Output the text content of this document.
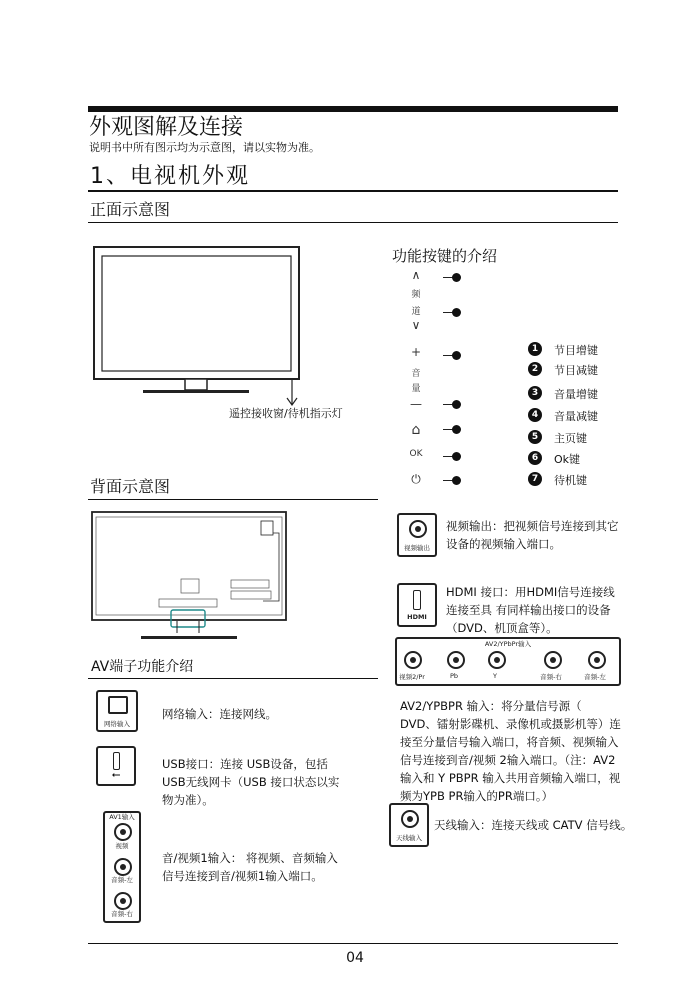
外观图解及连接
说明书中所有图示均为示意图，请以实物为准。
1、电视机外观
正面示意图
遥控接收窗/待机指示灯
功能按键的介绍
∧
频
道
∨
+
音
量
—
⌂
OK
⏻
1	节目增键
2	节目减键
3	音量增键
4	音量减键
5	主页键
6	Ok键
7	待机键
背面示意图
AV端子功能介绍
网络输入
网络输入：连接网线。
⭠
USB接口：连接 USB设备，包括USB无线网卡（USB 接口状态以实物为准）。
AV1输入
视频
音频-左
音频-右
音/视频1输入： 将视频、音频输入信号连接到音/视频1输入端口。
视频输出
视频输出：把视频信号连接到其它设备的视频输入端口。
HDMI
HDMI 接口：用HDMI信号连接线连接至具 有同样输出接口的设备（DVD、机顶盒等）。
AV2/YPbPr输入
视频2/Pr	Pb	Y	音频-右	音频-左
AV2/YPBPR 输入：将分量信号源（ DVD、镭射影碟机、录像机或摄影机等）连接至分量信号输入端口，将音频、视频输入信号连接到音/视频 2输入端口。（注：AV2 输入和 Y PBPR 输入共用音频输入端口，视频为YPB PR输入的PR端口。）
天线输入
天线输入：连接天线或 CATV 信号线。
04
